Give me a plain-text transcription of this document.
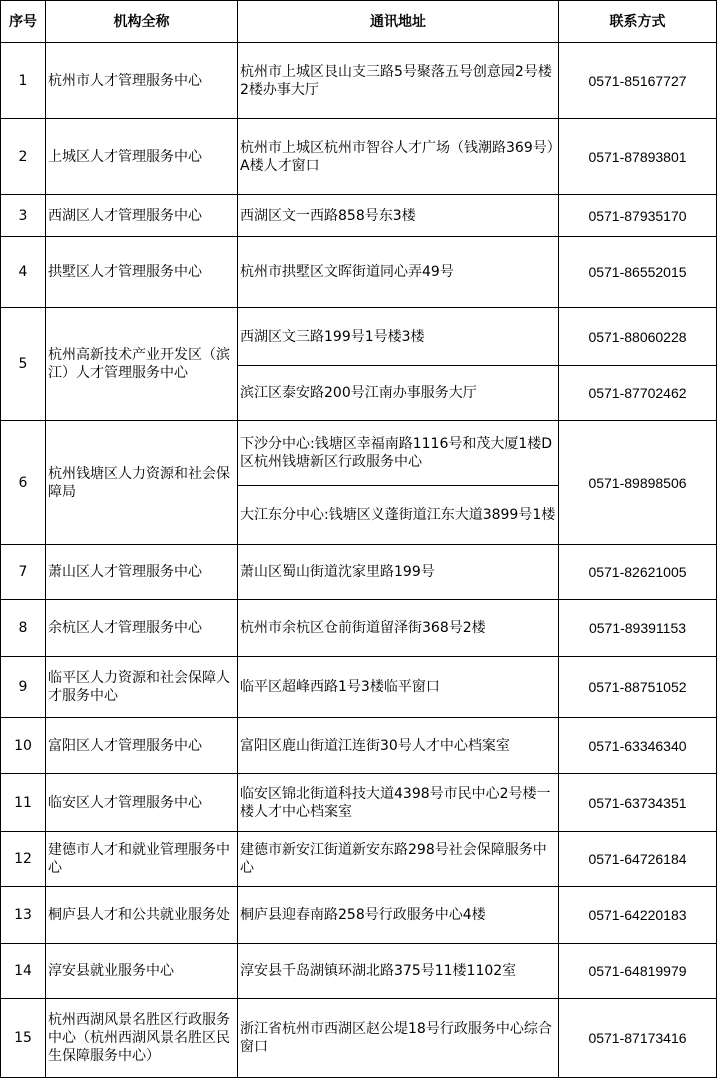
序号	机构全称	通讯地址	联系方式
1	杭州市人才管理服务中心	杭州市上城区艮山支三路5号聚落五号创意园2号楼2楼办事大厅	0571-85167727
2	上城区人才管理服务中心	杭州市上城区杭州市智谷人才广场（钱潮路369号）A楼人才窗口	0571-87893801
3	西湖区人才管理服务中心	西湖区文一西路858号东3楼	0571-87935170
4	拱墅区人才管理服务中心	杭州市拱墅区文晖街道同心弄49号	0571-86552015
5	杭州高新技术产业开发区（滨江）人才管理服务中心	西湖区文三路199号1号楼3楼	0571-88060228
		滨江区泰安路200号江南办事服务大厅	0571-87702462
6	杭州钱塘区人力资源和社会保障局	下沙分中心:钱塘区幸福南路1116号和茂大厦1楼D区杭州钱塘新区行政服务中心	0571-89898506
		大江东分中心:钱塘区义蓬街道江东大道3899号1楼	
7	萧山区人才管理服务中心	萧山区蜀山街道沈家里路199号	0571-82621005
8	余杭区人才管理服务中心	杭州市余杭区仓前街道留泽街368号2楼	0571-89391153
9	临平区人力资源和社会保障人才服务中心	临平区超峰西路1号3楼临平窗口	0571-88751052
10	富阳区人才管理服务中心	富阳区鹿山街道江连街30号人才中心档案室	0571-63346340
11	临安区人才管理服务中心	临安区锦北街道科技大道4398号市民中心2号楼一楼人才中心档案室	0571-63734351
12	建德市人才和就业管理服务中心	建德市新安江街道新安东路298号社会保障服务中心	0571-64726184
13	桐庐县人才和公共就业服务处	桐庐县迎春南路258号行政服务中心4楼	0571-64220183
14	淳安县就业服务中心	淳安县千岛湖镇环湖北路375号11楼1102室	0571-64819979
15	杭州西湖风景名胜区行政服务中心（杭州西湖风景名胜区民生保障服务中心）	浙江省杭州市西湖区赵公堤18号行政服务中心综合窗口	0571-87173416
